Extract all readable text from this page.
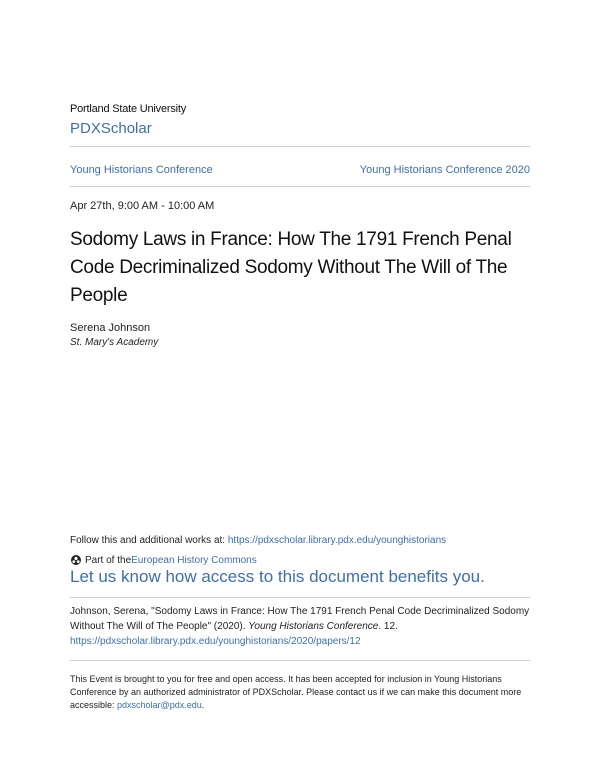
Portland State University
PDXScholar
Young Historians Conference	Young Historians Conference 2020
Apr 27th, 9:00 AM - 10:00 AM
Sodomy Laws in France: How The 1791 French Penal Code Decriminalized Sodomy Without The Will of The People
Serena Johnson
St. Mary's Academy
Follow this and additional works at: https://pdxscholar.library.pdx.edu/younghistorians
Part of the European History Commons
Let us know how access to this document benefits you.
Johnson, Serena, "Sodomy Laws in France: How The 1791 French Penal Code Decriminalized Sodomy Without The Will of The People" (2020). Young Historians Conference. 12.
https://pdxscholar.library.pdx.edu/younghistorians/2020/papers/12
This Event is brought to you for free and open access. It has been accepted for inclusion in Young Historians Conference by an authorized administrator of PDXScholar. Please contact us if we can make this document more accessible: pdxscholar@pdx.edu.
